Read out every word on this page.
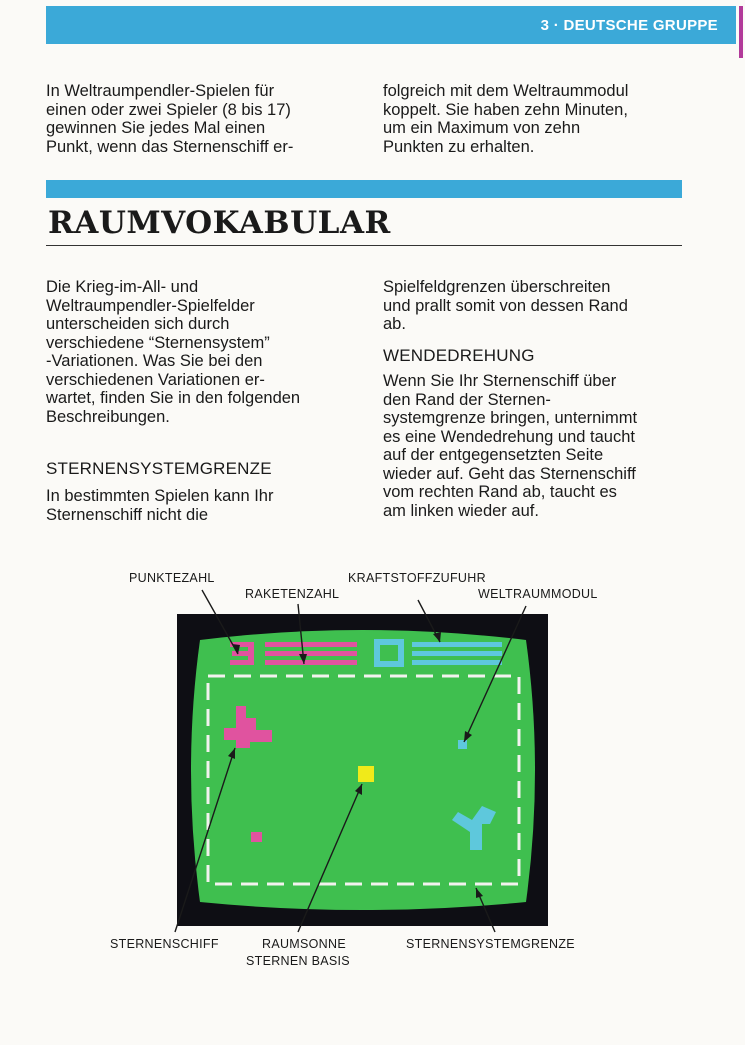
3 · DEUTSCHE GRUPPE
In Weltraumpendler-Spielen für
einen oder zwei Spieler (8 bis 17)
gewinnen Sie jedes Mal einen
Punkt, wenn das Sternenschiff er-
folgreich mit dem Weltraummodul
koppelt. Sie haben zehn Minuten,
um ein Maximum von zehn
Punkten zu erhalten.
RAUMVOKABULAR
Die Krieg-im-All- und
Weltraumpendler-Spielfelder
unterscheiden sich durch
verschiedene “Sternensystem”
-Variationen. Was Sie bei den
verschiedenen Variationen er-
wartet, finden Sie in den folgenden
Beschreibungen.
STERNENSYSTEMGRENZE
In bestimmten Spielen kann Ihr
Sternenschiff nicht die
Spielfeldgrenzen überschreiten
und prallt somit von dessen Rand
ab.
WENDEDREHUNG
Wenn Sie Ihr Sternenschiff über
den Rand der Sternen-
systemgrenze bringen, unternimmt
es eine Wendedrehung und taucht
auf der entgegensetzten Seite
wieder auf. Geht das Sternenschiff
vom rechten Rand ab, taucht es
am linken wieder auf.
PUNKTEZAHL
RAKETENZAHL
KRAFTSTOFFZUFUHR
WELTRAUMMODUL
STERNENSCHIFF	RAUMSONNE
STERNEN BASIS
STERNENSYSTEMGRENZE
